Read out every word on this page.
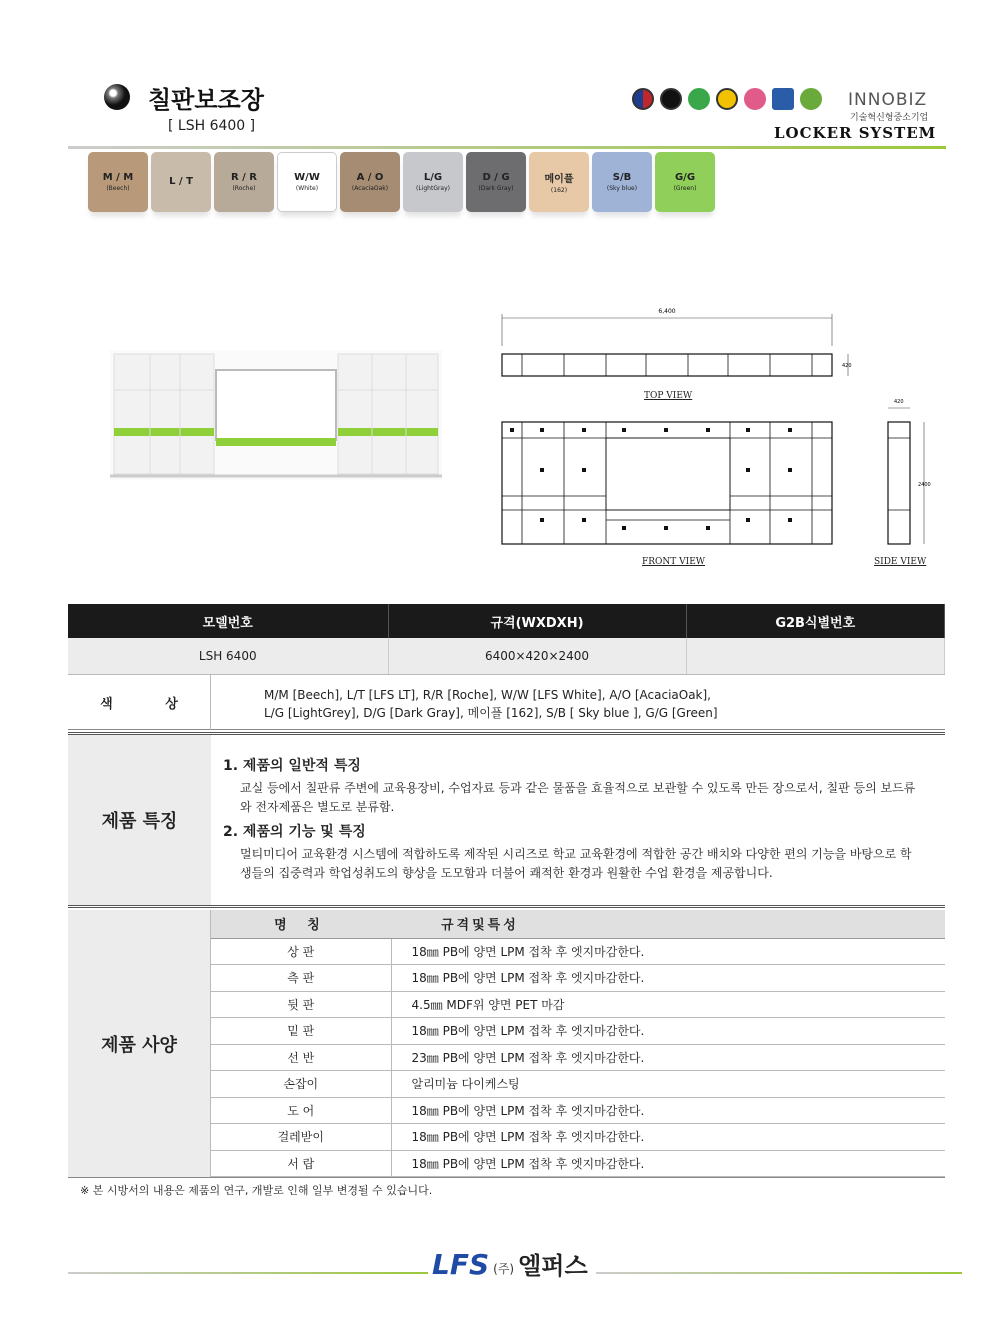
칠판보조장
[ LSH 6400 ]
INNOBIZ
기술혁신형중소기업
LOCKER SYSTEM
M / M
(Beech)
L / T	R / R
(Roche)
W/W
(White)
A / O
(AcaciaOak)
L/G
(LightGray)
D / G
(Dark Gray)
메이플
(162)
S/B
(Sky blue)
G/G
(Green)
6,400
420
420
2400
TOP VIEW
FRONT VIEW	SIDE VIEW
모델번호	규격(WXDXH)	G2B식별번호
LSH 6400	6400×420×2400	
색 상
M/M [Beech], L/T [LFS LT], R/R [Roche], W/W [LFS White], A/O [AcaciaOak],
L/G [LightGrey], D/G [Dark Gray], 메이플 [162], S/B [ Sky blue ], G/G [Green]
제품 특징
1. 제품의 일반적 특징

교실 등에서 칠판류 주변에 교육용장비, 수업자료 등과 같은 물품을 효율적으로 보관할 수 있도록 만든 장으로서, 칠판 등의 보드류와 전자제품은 별도로 분류함.

2. 제품의 기능 및 특징

멀티미디어 교육환경 시스템에 적합하도록 제작된 시리즈로 학교 교육환경에 적합한 공간 배치와 다양한 편의 기능을 바탕으로 학생들의 집중력과 학업성취도의 향상을 도모함과 더불어 쾌적한 환경과 원활한 수업 환경을 제공합니다.

제품 사양
명 칭	규격및특성
상 판	18㎜ PB에 양면 LPM 접착 후 엣지마감한다.
측 판	18㎜ PB에 양면 LPM 접착 후 엣지마감한다.
뒷 판	4.5㎜ MDF위 양면 PET 마감
밑 판	18㎜ PB에 양면 LPM 접착 후 엣지마감한다.
선 반	23㎜ PB에 양면 LPM 접착 후 엣지마감한다.
손잡이	알리미늄 다이케스팅
도 어	18㎜ PB에 양면 LPM 접착 후 엣지마감한다.
걸레받이	18㎜ PB에 양면 LPM 접착 후 엣지마감한다.
서 랍	18㎜ PB에 양면 LPM 접착 후 엣지마감한다.
※ 본 시방서의 내용은 제품의 연구, 개발로 인해 일부 변경될 수 있습니다.
LFS (주) 엘퍼스
